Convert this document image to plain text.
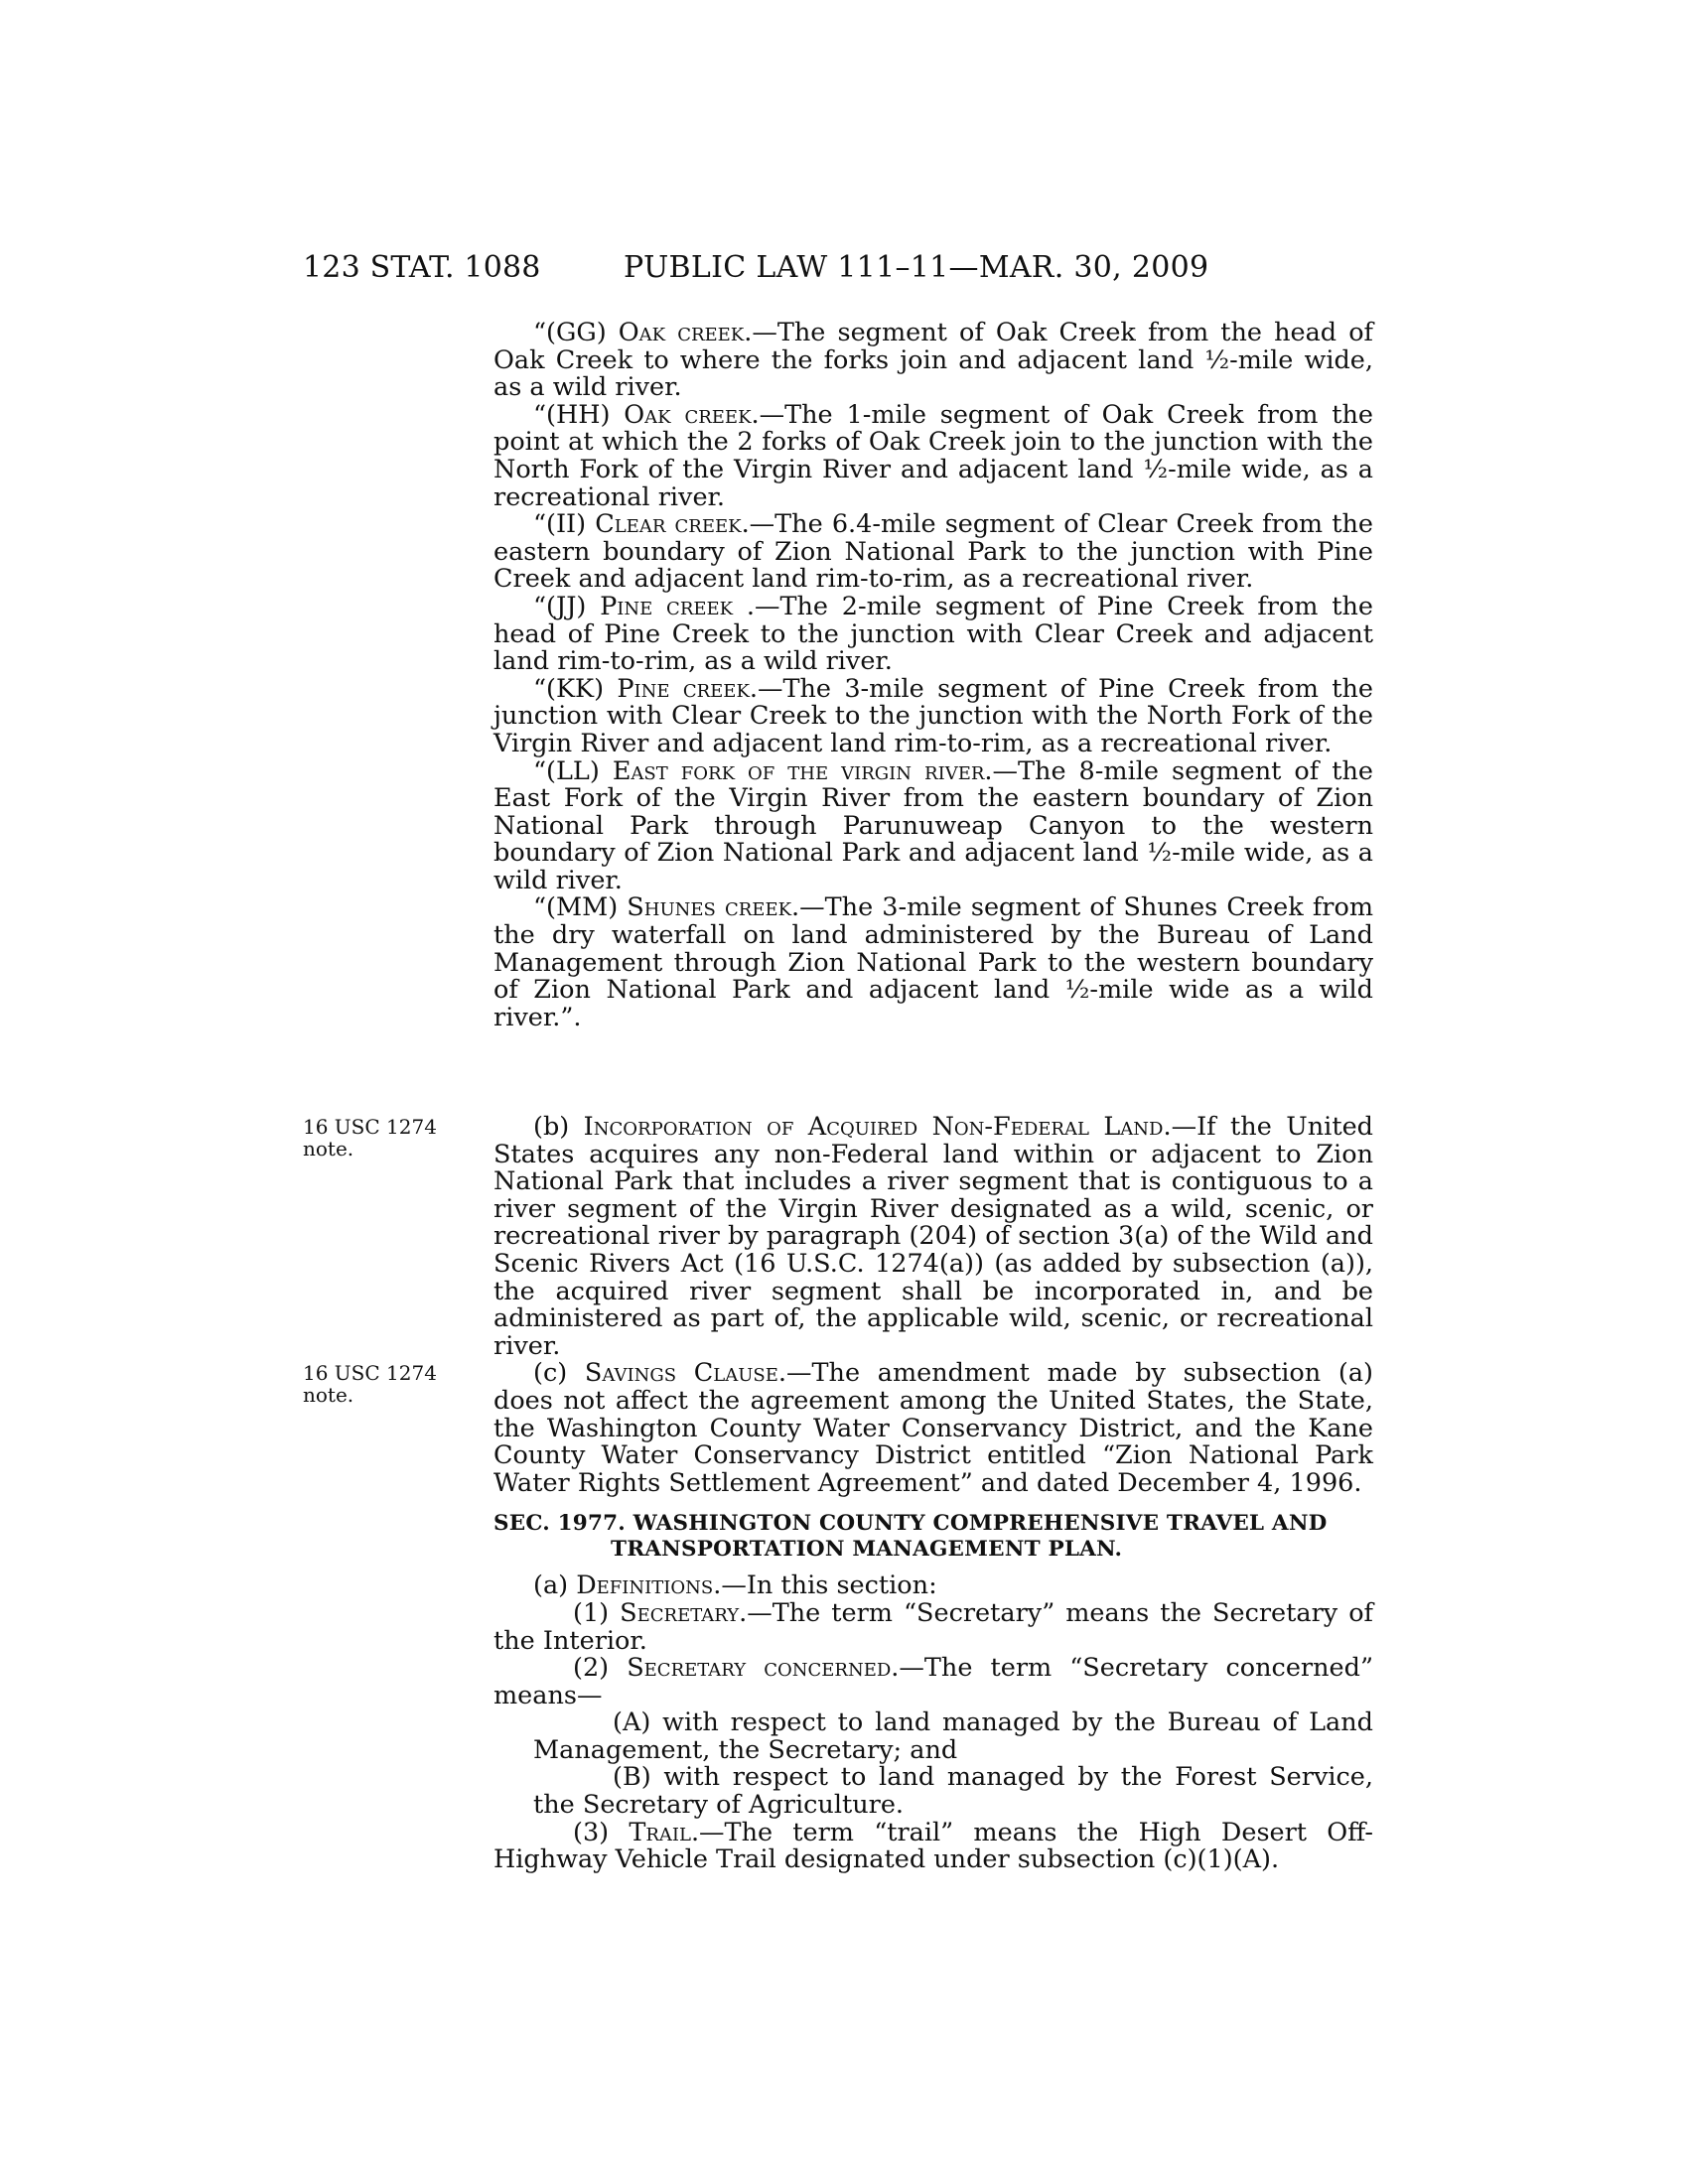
123 STAT. 1088	PUBLIC LAW 111–11—MAR. 30, 2009

“(GG) Oak creek.—The segment of Oak Creek from the head of Oak Creek to where the forks join and adjacent land ½-mile wide, as a wild river.

“(HH) Oak creek.—The 1-mile segment of Oak Creek from the point at which the 2 forks of Oak Creek join to the junction with the North Fork of the Virgin River and adjacent land ½-mile wide, as a recreational river.

“(II) Clear creek.—The 6.4-mile segment of Clear Creek from the eastern boundary of Zion National Park to the junction with Pine Creek and adjacent land rim-to-rim, as a recreational river.

“(JJ) Pine creek .—The 2-mile segment of Pine Creek from the head of Pine Creek to the junction with Clear Creek and adjacent land rim-to-rim, as a wild river.

“(KK) Pine creek.—The 3-mile segment of Pine Creek from the junction with Clear Creek to the junction with the North Fork of the Virgin River and adjacent land rim-to-rim, as a recreational river.

“(LL) East fork of the virgin river.—The 8-mile segment of the East Fork of the Virgin River from the eastern boundary of Zion National Park through Parunuweap Canyon to the western boundary of Zion National Park and adjacent land ½-mile wide, as a wild river.

“(MM) Shunes creek.—The 3-mile segment of Shunes Creek from the dry waterfall on land administered by the Bureau of Land Management through Zion National Park to the western boundary of Zion National Park and adjacent land ½-mile wide as a wild river.”.

16 USC 1274 note.
16 USC 1274 note.

(b) Incorporation of Acquired Non-Federal Land.—If the United States acquires any non-Federal land within or adjacent to Zion National Park that includes a river segment that is contiguous to a river segment of the Virgin River designated as a wild, scenic, or recreational river by paragraph (204) of section 3(a) of the Wild and Scenic Rivers Act (16 U.S.C. 1274(a)) (as added by subsection (a)), the acquired river segment shall be incorporated in, and be administered as part of, the applicable wild, scenic, or recreational river.

(c) Savings Clause.—The amendment made by subsection (a) does not affect the agreement among the United States, the State, the Washington County Water Conservancy District, and the Kane County Water Conservancy District entitled “Zion National Park Water Rights Settlement Agreement” and dated December 4, 1996.

SEC. 1977. WASHINGTON COUNTY COMPREHENSIVE TRAVEL AND
TRANSPORTATION MANAGEMENT PLAN.

(a) Definitions.—In this section:

(1) Secretary.—The term “Secretary” means the Secretary of the Interior.

(2) Secretary concerned.—The term “Secretary concerned” means—

(A) with respect to land managed by the Bureau of Land Management, the Secretary; and

(B) with respect to land managed by the Forest Service, the Secretary of Agriculture.

(3) Trail.—The term “trail” means the High Desert Off-Highway Vehicle Trail designated under subsection (c)(1)(A).
